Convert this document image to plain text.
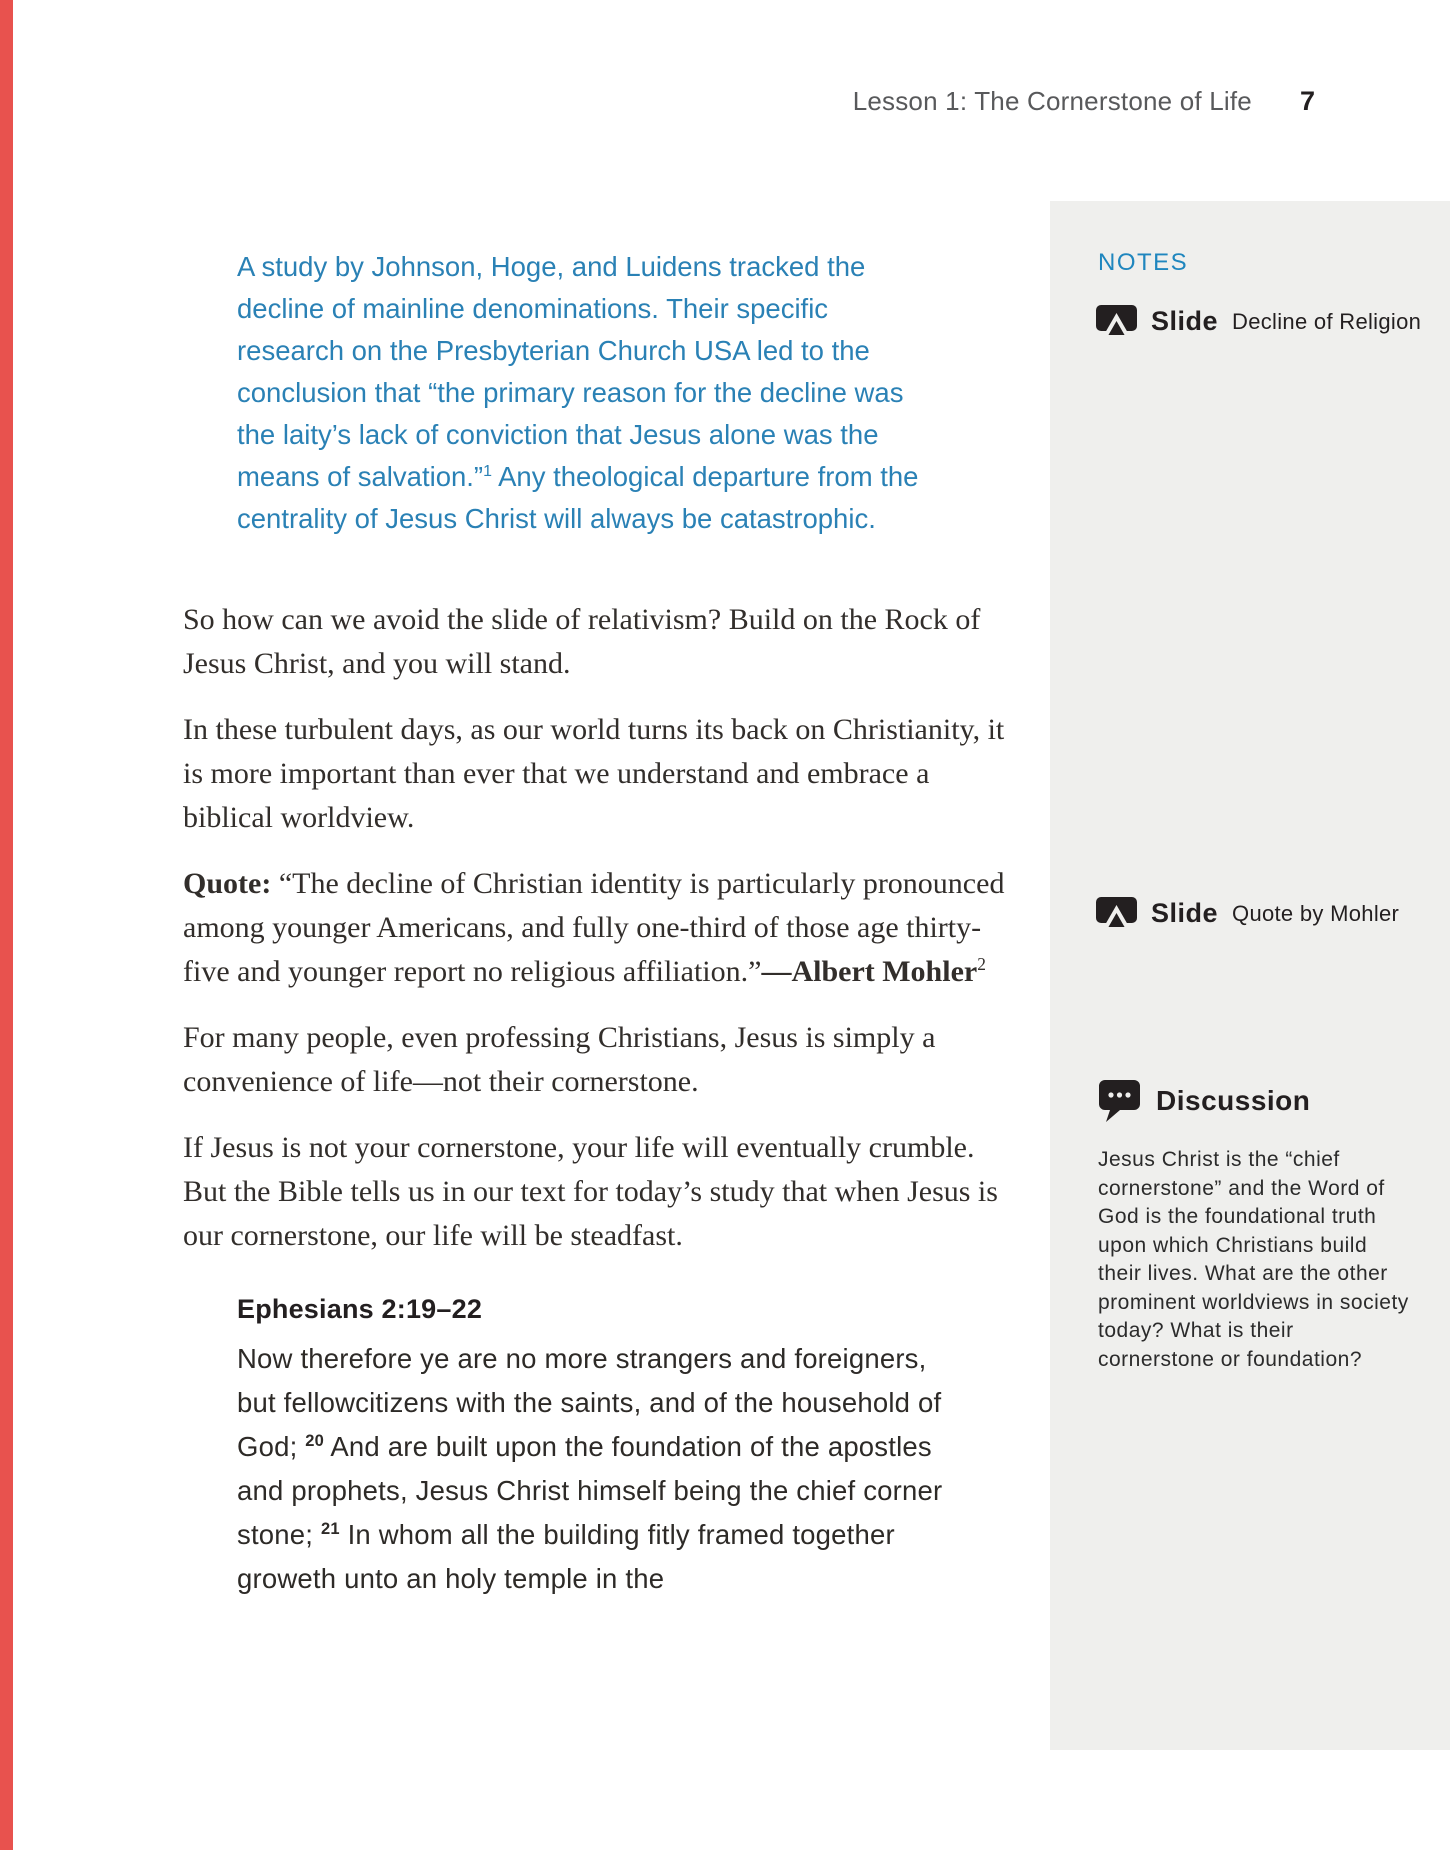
Lesson 1: The Cornerstone of Life 7
A study by Johnson, Hoge, and Luidens tracked the decline of mainline denominations. Their specific research on the Presbyterian Church USA led to the conclusion that “the primary reason for the decline was the laity’s lack of conviction that Jesus alone was the means of salvation.”$^1$ Any theological departure from the centrality of Jesus Christ will always be catastrophic.

So how can we avoid the slide of relativism? Build on the Rock of Jesus Christ, and you will stand.

In these turbulent days, as our world turns its back on Christianity, it is more important than ever that we understand and embrace a biblical worldview.

Quote: “The decline of Christian identity is particularly pronounced among younger Americans, and fully one-third of those age thirty-five and younger report no religious affiliation.”—Albert Mohler$^2$

For many people, even professing Christians, Jesus is simply a convenience of life—not their cornerstone.

If Jesus is not your cornerstone, your life will eventually crumble. But the Bible tells us in our text for today’s study that when Jesus is our cornerstone, our life will be steadfast.

Ephesians 2:19–22

Now therefore ye are no more strangers and foreigners, but fellowcitizens with the saints, and of the household of God; $^{20}$ And are built upon the foundation of the apostles and prophets, Jesus Christ himself being the chief corner stone; $^{21}$ In whom all the building fitly framed together groweth unto an holy temple in the

NOTES
Slide Decline of Religion
Slide Quote by Mohler
Discussion
Jesus Christ is the “chief cornerstone” and the Word of God is the foundational truth upon which Christians build their lives. What are the other prominent worldviews in society today? What is their cornerstone or foundation?
